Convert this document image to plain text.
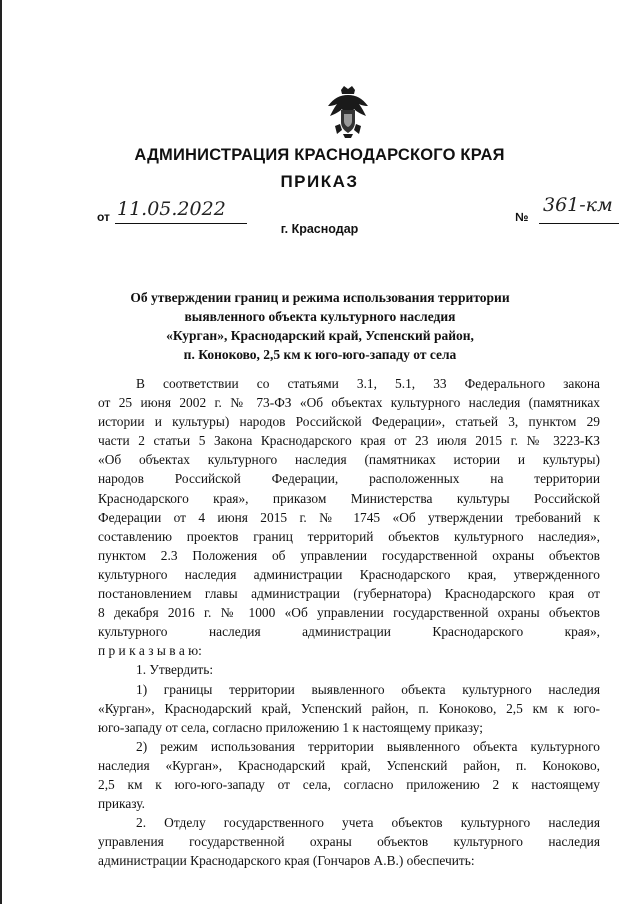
АДМИНИСТРАЦИЯ КРАСНОДАРСКОГО КРАЯ
ПРИКАЗ
от 11.05.2022	№
361-км
г. Краснодар
Об утверждении границ и режима использования территории
выявленного объекта культурного наследия
«Курган», Краснодарский край, Успенский район,
п. Коноково, 2,5 км к юго-юго-западу от села

В соответствии со статьями 3.1, 5.1, 33 Федерального закона

от 25 июня 2002 г. № 73-ФЗ «Об объектах культурного наследия (памятниках

истории и культуры) народов Российской Федерации», статьей 3, пунктом 29

части 2 статьи 5 Закона Краснодарского края от 23 июля 2015 г. № 3223-КЗ

«Об объектах культурного наследия (памятниках истории и культуры)

народов Российской Федерации, расположенных на территории

Краснодарского края», приказом Министерства культуры Российской

Федерации от 4 июня 2015 г. № 1745 «Об утверждении требований к

составлению проектов границ территорий объектов культурного наследия»,

пунктом 2.3 Положения об управлении государственной охраны объектов

культурного наследия администрации Краснодарского края, утвержденного

постановлением главы администрации (губернатора) Краснодарского края от

8 декабря 2016 г. № 1000 «Об управлении государственной охраны объектов

культурного наследия администрации Краснодарского края»,

п р и к а з ы в а ю:

1. Утвердить:

1) границы территории выявленного объекта культурного наследия

«Курган», Краснодарский край, Успенский район, п. Коноково, 2,5 км к юго-

юго-западу от села, согласно приложению 1 к настоящему приказу;

2) режим использования территории выявленного объекта культурного

наследия «Курган», Краснодарский край, Успенский район, п. Коноково,

2,5 км к юго-юго-западу от села, согласно приложению 2 к настоящему

приказу.

2. Отделу государственного учета объектов культурного наследия

управления государственной охраны объектов культурного наследия

администрации Краснодарского края (Гончаров А.В.) обеспечить:
